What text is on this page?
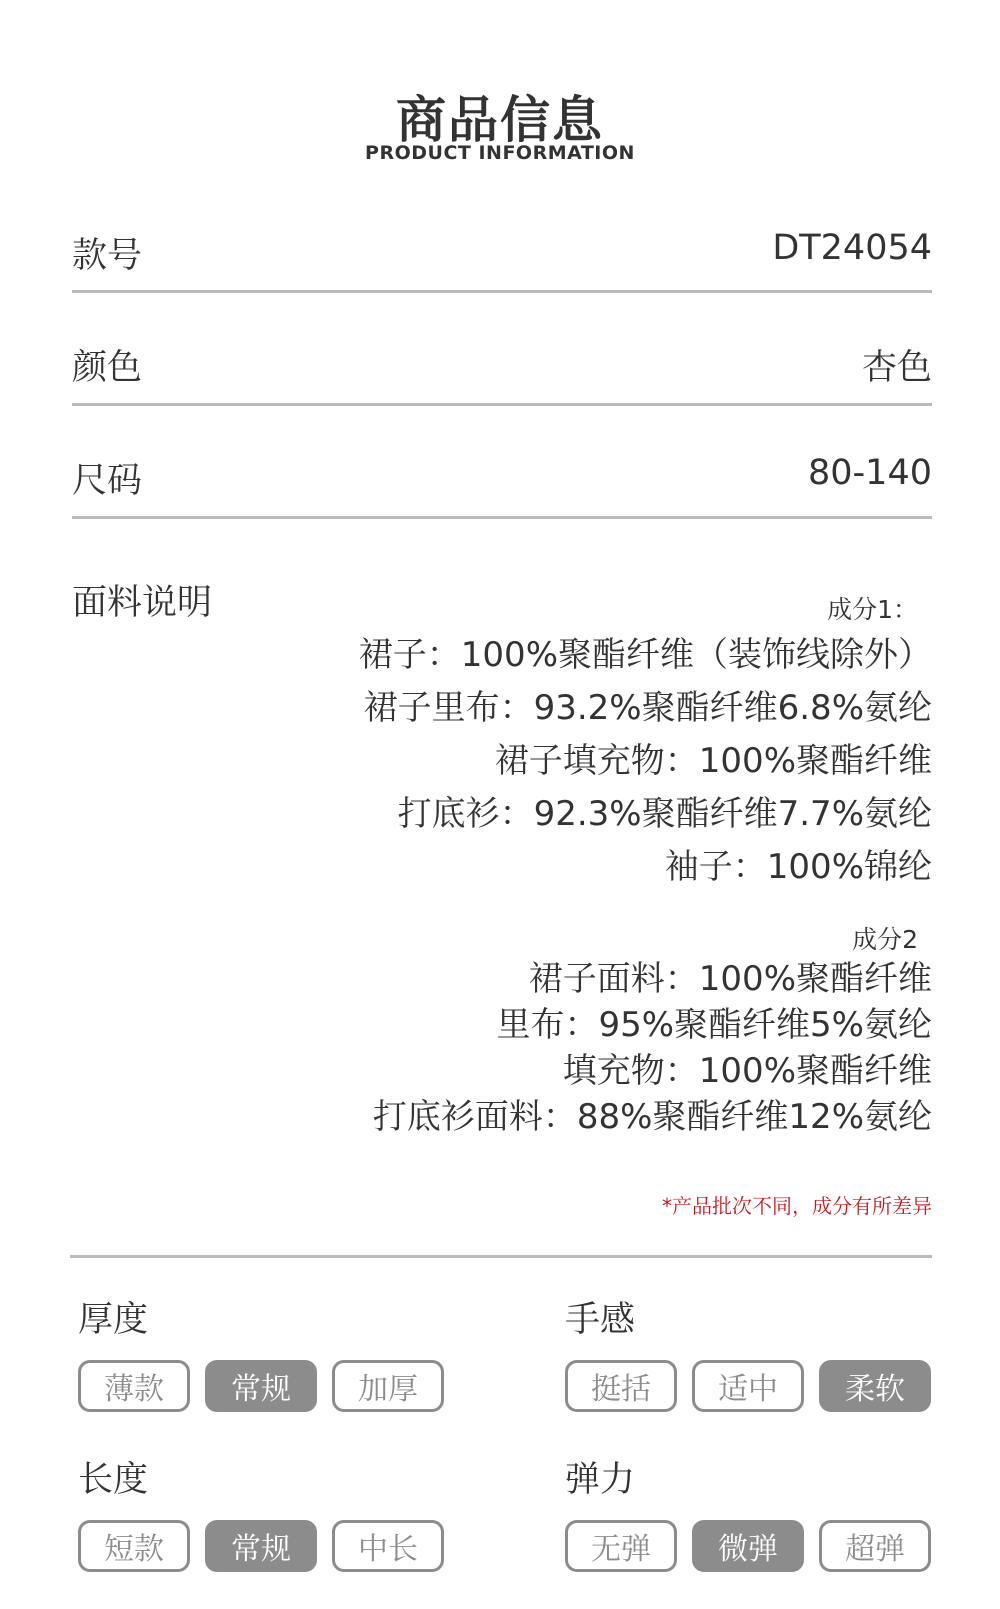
商品信息
PRODUCT INFORMATION
款号	DT24054
颜色	杏色
尺码	80-140
面料说明	成分1：
裙子：100%聚酯纤维（装饰线除外）
裙子里布：93.2%聚酯纤维6.8%氨纶
裙子填充物：100%聚酯纤维
打底衫：92.3%聚酯纤维7.7%氨纶
袖子：100%锦纶
成分2
裙子面料：100%聚酯纤维
里布：95%聚酯纤维5%氨纶
填充物：100%聚酯纤维
打底衫面料：88%聚酯纤维12%氨纶
*产品批次不同，成分有所差异
厚度
薄款	常规	加厚
手感
挺括	适中	柔软
长度
短款	常规	中长
弹力
无弹	微弹	超弹
